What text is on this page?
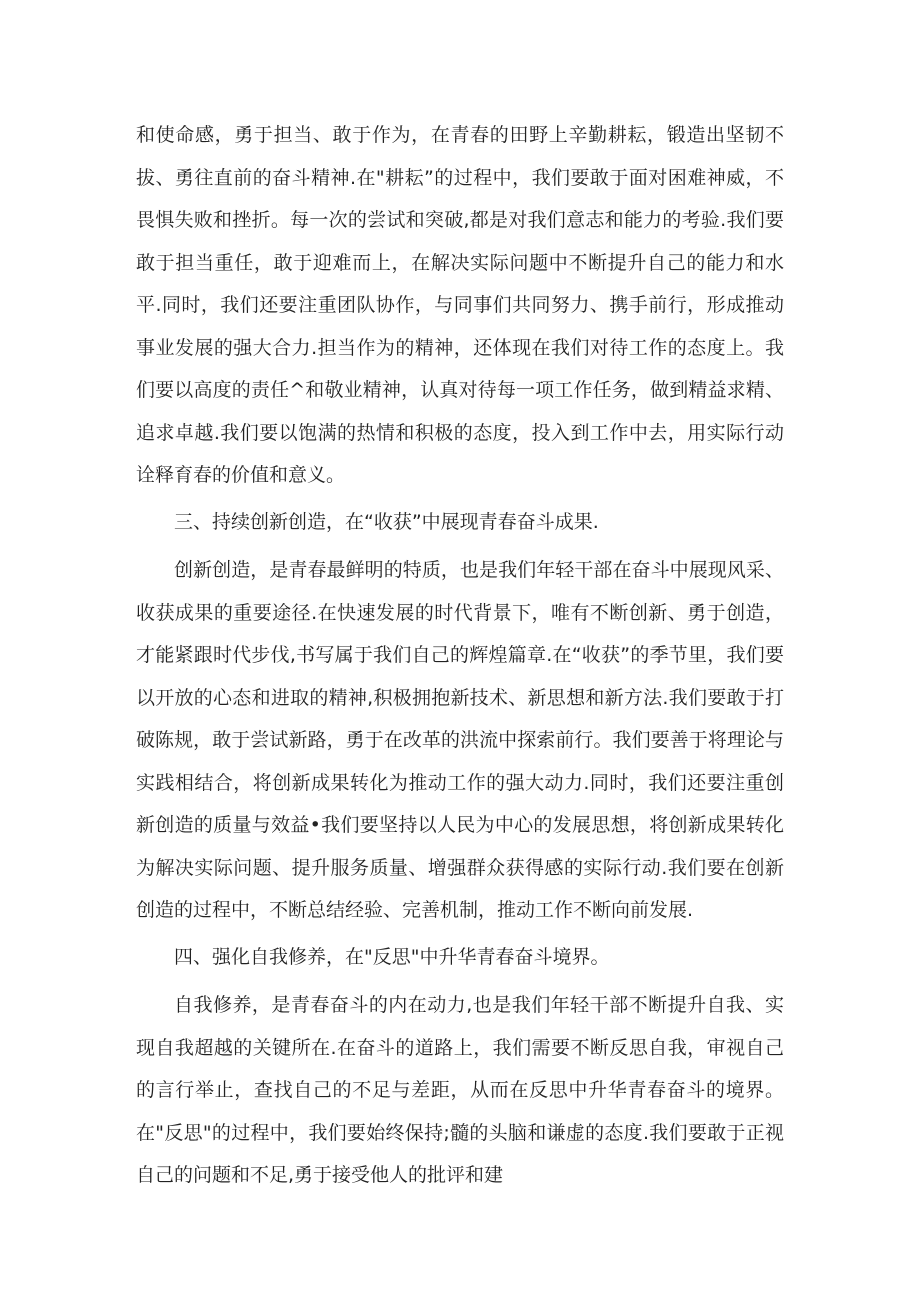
和使命感，勇于担当、敢于作为，在青春的田野上辛勤耕耘，锻造出坚韧不拔、勇往直前的奋斗精神.在"耕耘”的过程中，我们要敢于面对困难神威，不畏惧失败和挫折。每一次的尝试和突破,都是对我们意志和能力的考验.我们要敢于担当重任，敢于迎难而上，在解决实际问题中不断提升自己的能力和水平.同时，我们还要注重团队协作，与同事们共同努力、携手前行，形成推动事业发展的强大合力.担当作为的精神，还体现在我们对待工作的态度上。我们要以高度的责任^和敬业精神，认真对待每一项工作任务，做到精益求精、追求卓越.我们要以饱满的热情和积极的态度，投入到工作中去，用实际行动诠释育春的价值和意义。

三、持续创新创造，在“收获”中展现青春奋斗成果.

创新创造，是青春最鲜明的特质，也是我们年轻干部在奋斗中展现风采、收获成果的重要途径.在快速发展的时代背景下，唯有不断创新、勇于创造，才能紧跟时代步伐,书写属于我们自己的辉煌篇章.在“收获”的季节里，我们要以开放的心态和进取的精神,积极拥抱新技术、新思想和新方法.我们要敢于打破陈规，敢于尝试新路，勇于在改革的洪流中探索前行。我们要善于将理论与实践相结合，将创新成果转化为推动工作的强大动力.同时，我们还要注重创新创造的质量与效益•我们要坚持以人民为中心的发展思想，将创新成果转化为解决实际问题、提升服务质量、增强群众获得感的实际行动.我们要在创新创造的过程中，不断总结经验、完善机制，推动工作不断向前发展.

四、强化自我修养，在"反思"中升华青春奋斗境界。

自我修养，是青春奋斗的内在动力,也是我们年轻干部不断提升自我、实现自我超越的关键所在.在奋斗的道路上，我们需要不断反思自我，审视自己的言行举止，查找自己的不足与差距，从而在反思中升华青春奋斗的境界。在"反思"的过程中，我们要始终保持;髓的头脑和谦虚的态度.我们要敢于正视自己的问题和不足,勇于接受他人的批评和建
